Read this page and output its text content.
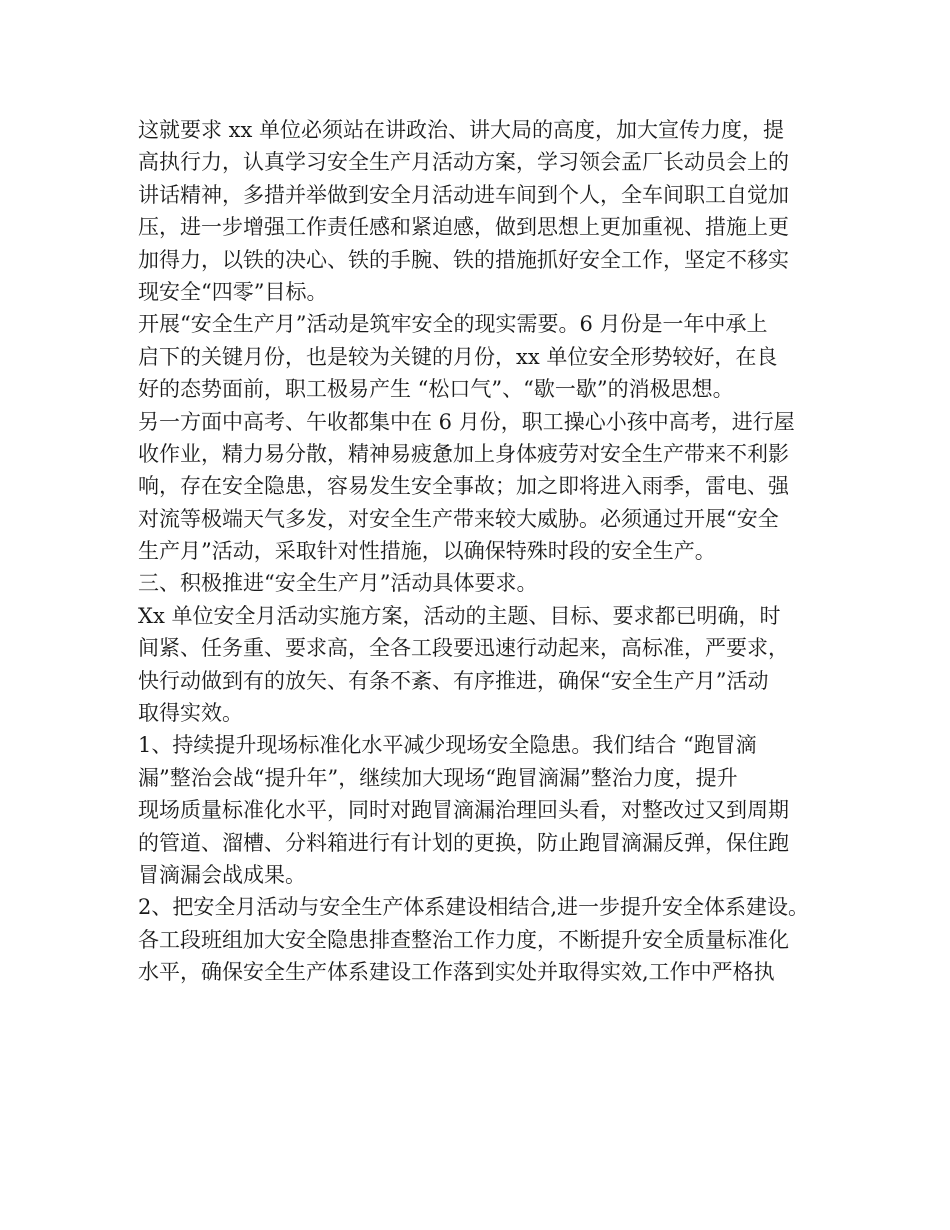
这就要求 xx 单位必须站在讲政治、讲大局的高度，加大宣传力度，提
高执行力，认真学习安全生产月活动方案，学习领会孟厂长动员会上的
讲话精神，多措并举做到安全月活动进车间到个人，全车间职工自觉加
压，进一步增强工作责任感和紧迫感，做到思想上更加重视、措施上更
加得力，以铁的决心、铁的手腕、铁的措施抓好安全工作，坚定不移实
现安全“四零”目标。
开展“安全生产月”活动是筑牢安全的现实需要。6 月份是一年中承上
启下的关键月份，也是较为关键的月份，xx 单位安全形势较好，在良
好的态势面前，职工极易产生 “松口气”、“歇一歇”的消极思想。
另一方面中高考、午收都集中在 6 月份，职工操心小孩中高考，进行屋
收作业，精力易分散，精神易疲惫加上身体疲劳对安全生产带来不利影
响，存在安全隐患，容易发生安全事故；加之即将进入雨季，雷电、强
对流等极端天气多发，对安全生产带来较大威胁。必须通过开展“安全
生产月”活动，采取针对性措施，以确保特殊时段的安全生产。
三、积极推进“安全生产月”活动具体要求。
Xx 单位安全月活动实施方案，活动的主题、目标、要求都已明确，时
间紧、任务重、要求高，全各工段要迅速行动起来，高标准，严要求，
快行动做到有的放矢、有条不紊、有序推进，确保“安全生产月”活动
取得实效。
1、持续提升现场标准化水平减少现场安全隐患。我们结合 “跑冒滴
漏”整治会战“提升年”，继续加大现场“跑冒滴漏”整治力度，提升
现场质量标准化水平，同时对跑冒滴漏治理回头看，对整改过又到周期
的管道、溜槽、分料箱进行有计划的更换，防止跑冒滴漏反弹，保住跑
冒滴漏会战成果。
2、把安全月活动与安全生产体系建设相结合,进一步提升安全体系建设。
各工段班组加大安全隐患排查整治工作力度，不断提升安全质量标准化
水平，确保安全生产体系建设工作落到实处并取得实效,工作中严格执
